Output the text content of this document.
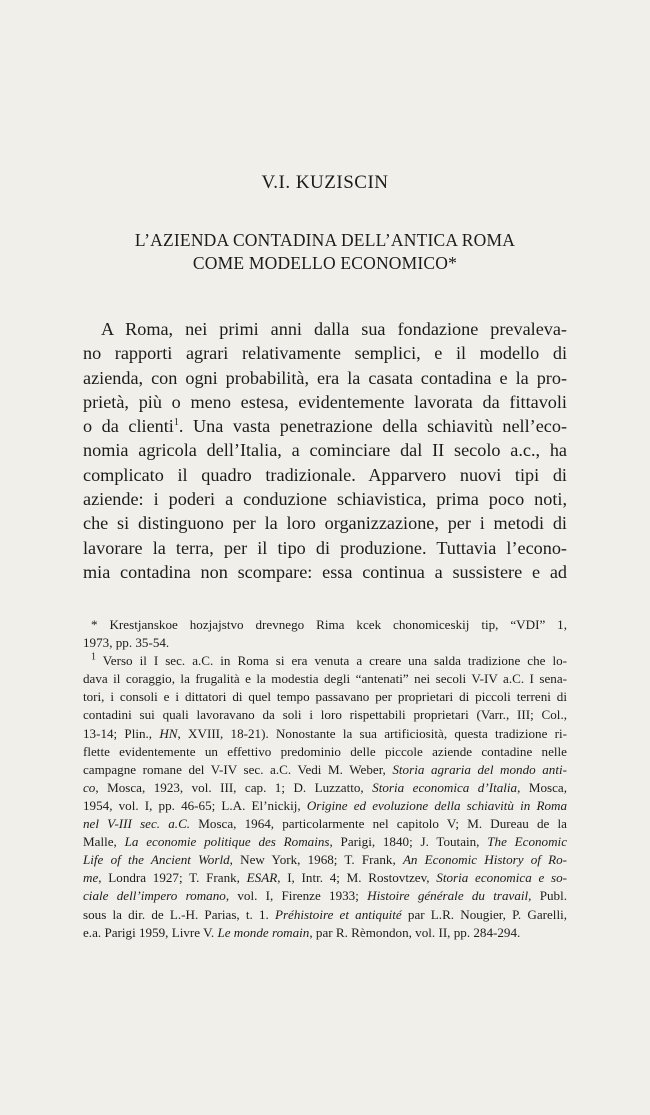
V.I. KUZISCIN
L’AZIENDA CONTADINA DELL’ANTICA ROMA
COME MODELLO ECONOMICO*
A Roma, nei primi anni dalla sua fondazione prevaleva-
no rapporti agrari relativamente semplici, e il modello di
azienda, con ogni probabilità, era la casata contadina e la pro-
prietà, più o meno estesa, evidentemente lavorata da fittavoli
o da clienti$^1$. Una vasta penetrazione della schiavitù nell’eco-
nomia agricola dell’Italia, a cominciare dal II secolo a.c., ha
complicato il quadro tradizionale. Apparvero nuovi tipi di
aziende: i poderi a conduzione schiavistica, prima poco noti,
che si distinguono per la loro organizzazione, per i metodi di
lavorare la terra, per il tipo di produzione. Tuttavia l’econo-
mia contadina non scompare: essa continua a sussistere e ad
* Krestjanskoe hozjajstvo drevnego Rima kcek chonomiceskij tip, “VDI” 1,
1973, pp. 35-54.
$^1$ Verso il I sec. a.C. in Roma si era venuta a creare una salda tradizione che lo-
dava il coraggio, la frugalità e la modestia degli “antenati” nei secoli V-IV a.C. I sena-
tori, i consoli e i dittatori di quel tempo passavano per proprietari di piccoli terreni di
contadini sui quali lavoravano da soli i loro rispettabili proprietari (Varr., III; Col.,
13-14; Plin., HN, XVIII, 18-21). Nonostante la sua artificiosità, questa tradizione ri-
flette evidentemente un effettivo predominio delle piccole aziende contadine nelle
campagne romane del V-IV sec. a.C. Vedi M. Weber, Storia agraria del mondo anti-
co, Mosca, 1923, vol. III, cap. 1; D. Luzzatto, Storia economica d’Italia, Mosca,
1954, vol. I, pp. 46-65; L.A. El’nickij, Origine ed evoluzione della schiavitù in Roma
nel V-III sec. a.C. Mosca, 1964, particolarmente nel capitolo V; M. Dureau de la
Malle, La economie politique des Romains, Parigi, 1840; J. Toutain, The Economic
Life of the Ancient World, New York, 1968; T. Frank, An Economic History of Ro-
me, Londra 1927; T. Frank, ESAR, I, Intr. 4; M. Rostovtzev, Storia economica e so-
ciale dell’impero romano, vol. I, Firenze 1933; Histoire générale du travail, Publ.
sous la dir. de L.-H. Parias, t. 1. Préhistoire et antiquité par L.R. Nougier, P. Garelli,
e.a. Parigi 1959, Livre V. Le monde romain, par R. Rèmondon, vol. II, pp. 284-294.
